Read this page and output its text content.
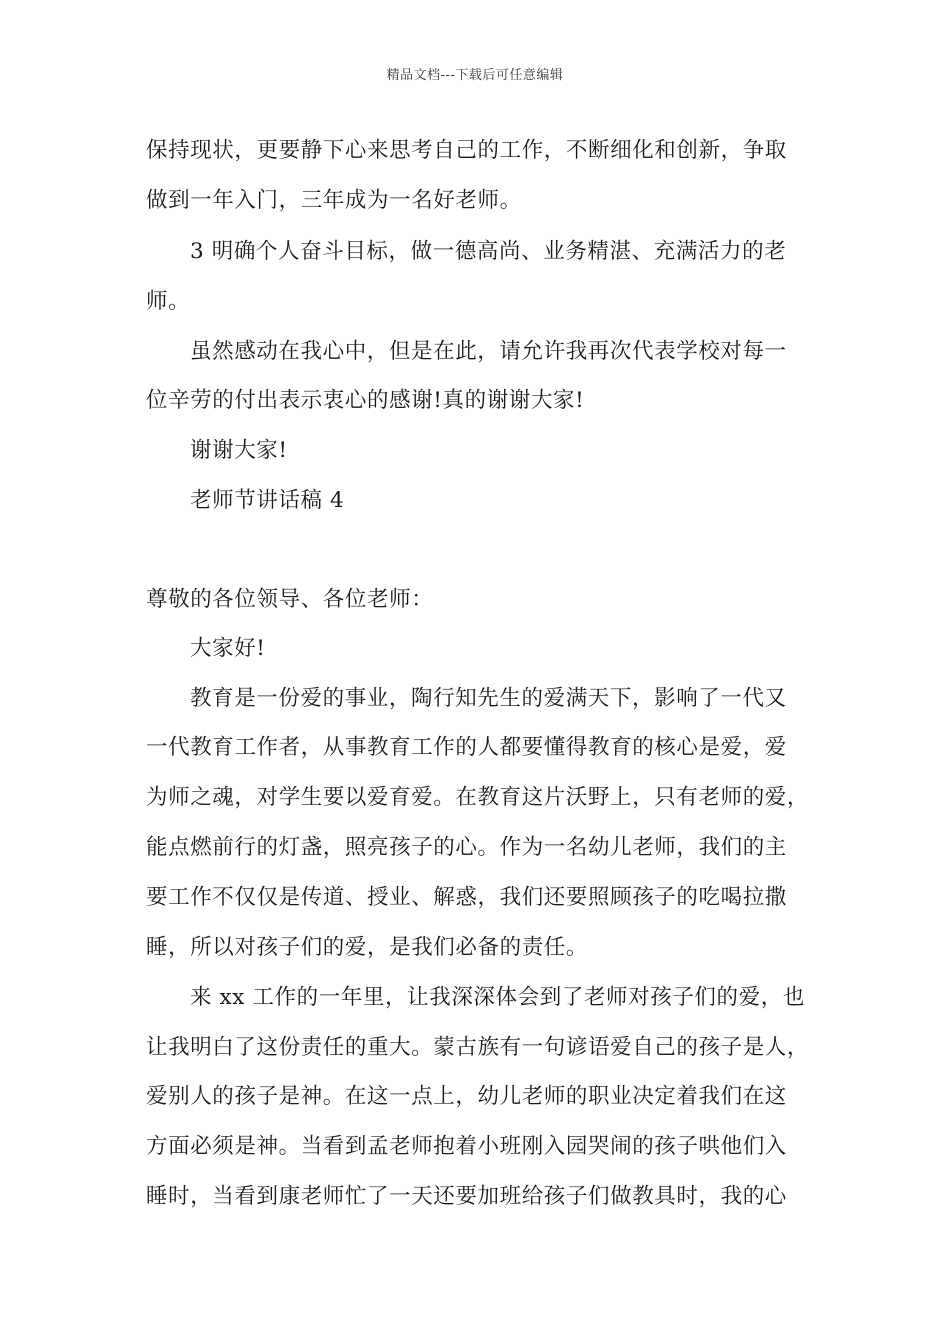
精品文档---下载后可任意编辑
保持现状，更要静下心来思考自己的工作，不断细化和创新，争取
做到一年入门，三年成为一名好老师。
3 明确个人奋斗目标，做一德高尚、业务精湛、充满活力的老
师。
虽然感动在我心中，但是在此，请允许我再次代表学校对每一
位辛劳的付出表示衷心的感谢!真的谢谢大家!
谢谢大家!
老师节讲话稿 4
尊敬的各位领导、各位老师：
大家好!
教育是一份爱的事业，陶行知先生的爱满天下，影响了一代又
一代教育工作者，从事教育工作的人都要懂得教育的核心是爱，爱
为师之魂，对学生要以爱育爱。在教育这片沃野上，只有老师的爱，
能点燃前行的灯盏，照亮孩子的心。作为一名幼儿老师，我们的主
要工作不仅仅是传道、授业、解惑，我们还要照顾孩子的吃喝拉撒
睡，所以对孩子们的爱，是我们必备的责任。
来 xx 工作的一年里，让我深深体会到了老师对孩子们的爱，也
让我明白了这份责任的重大。蒙古族有一句谚语爱自己的孩子是人，
爱别人的孩子是神。在这一点上，幼儿老师的职业决定着我们在这
方面必须是神。当看到孟老师抱着小班刚入园哭闹的孩子哄他们入
睡时，当看到康老师忙了一天还要加班给孩子们做教具时，我的心
